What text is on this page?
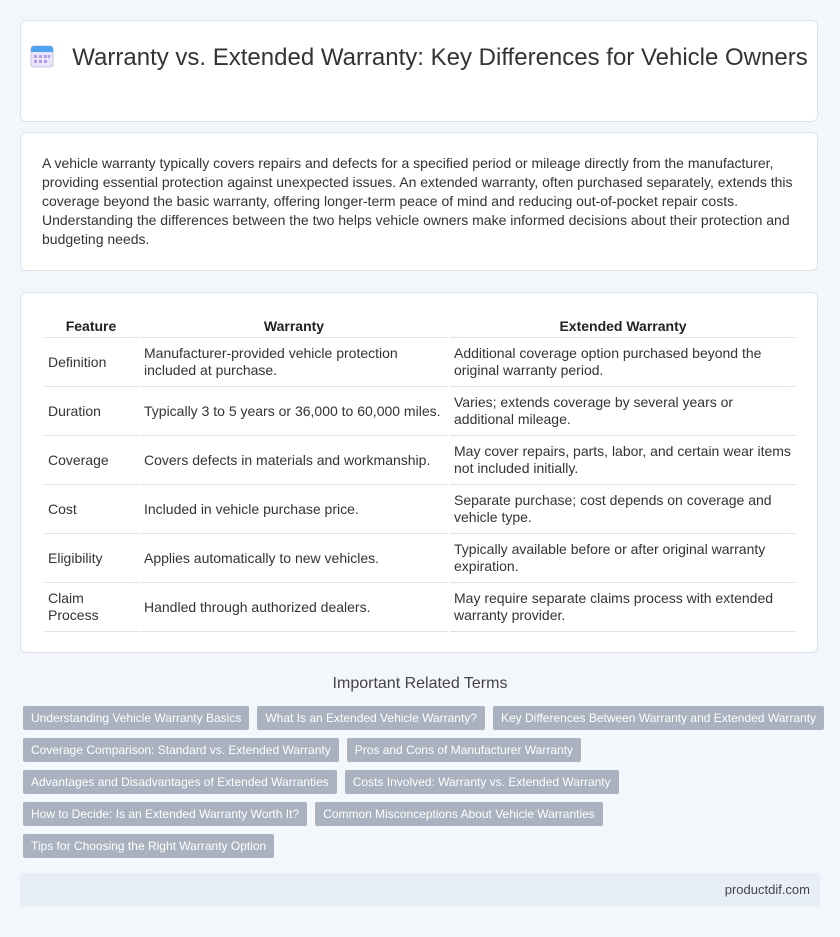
Warranty vs. Extended Warranty: Key Differences for Vehicle Owners

A vehicle warranty typically covers repairs and defects for a specified period or mileage directly from the manufacturer, providing essential protection against unexpected issues. An extended warranty, often purchased separately, extends this coverage beyond the basic warranty, offering longer-term peace of mind and reducing out-of-pocket repair costs. Understanding the differences between the two helps vehicle owners make informed decisions about their protection and budgeting needs.

Feature	Warranty	Extended Warranty
Definition	Manufacturer-provided vehicle protection included at purchase.	Additional coverage option purchased beyond the original warranty period.
Duration	Typically 3 to 5 years or 36,000 to 60,000 miles.	Varies; extends coverage by several years or additional mileage.
Coverage	Covers defects in materials and workmanship.	May cover repairs, parts, labor, and certain wear items not included initially.
Cost	Included in vehicle purchase price.	Separate purchase; cost depends on coverage and vehicle type.
Eligibility	Applies automatically to new vehicles.	Typically available before or after original warranty expiration.
Claim Process	Handled through authorized dealers.	May require separate claims process with extended warranty provider.
Important Related Terms
Understanding Vehicle Warranty Basics	What Is an Extended Vehicle Warranty?	Key Differences Between Warranty and Extended Warranty
Coverage Comparison: Standard vs. Extended Warranty	Pros and Cons of Manufacturer Warranty
Advantages and Disadvantages of Extended Warranties	Costs Involved: Warranty vs. Extended Warranty
How to Decide: Is an Extended Warranty Worth It?	Common Misconceptions About Vehicle Warranties
Tips for Choosing the Right Warranty Option
productdif.com
